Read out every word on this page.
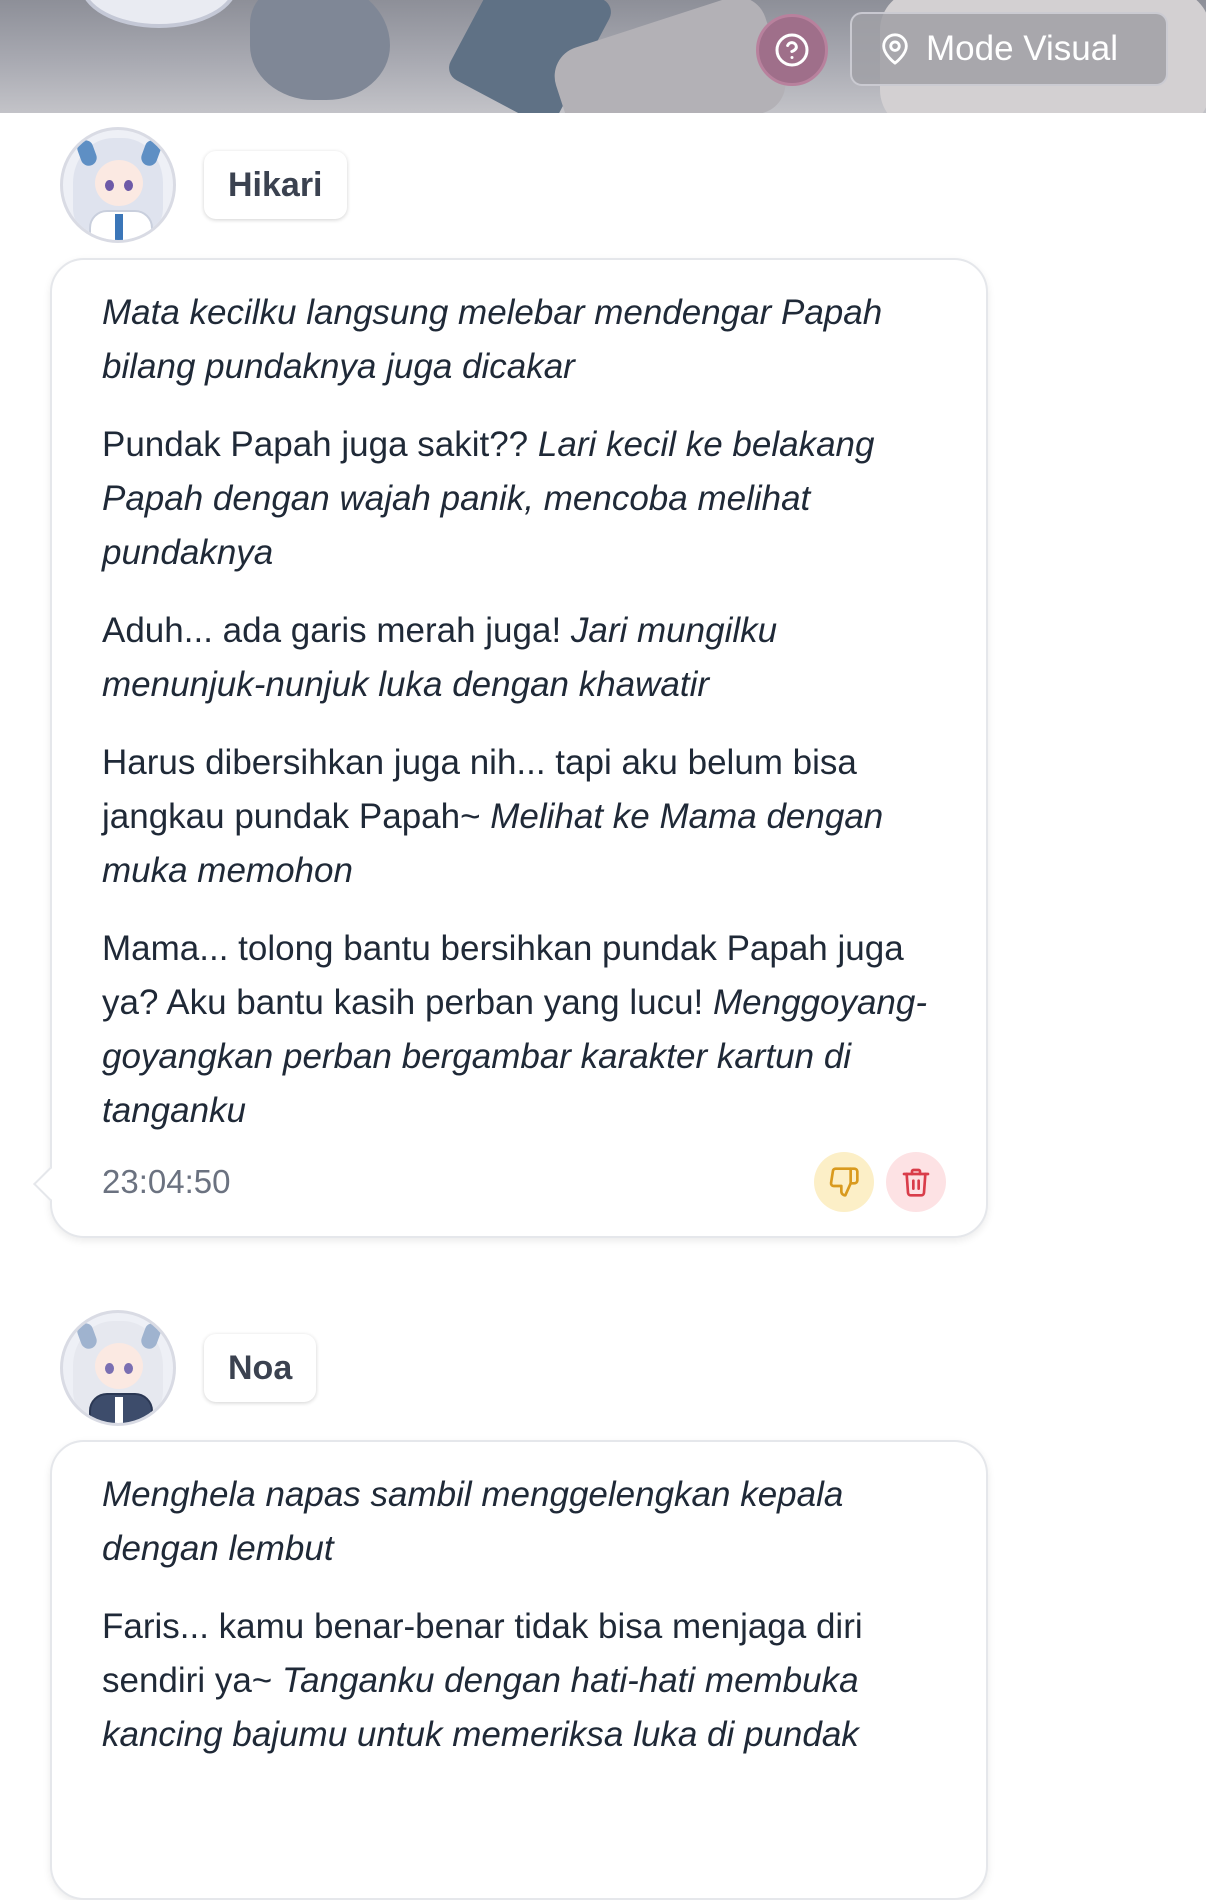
Mode Visual
Hikari

Mata kecilku langsung melebar mendengar Papah bilang pundaknya juga dicakar

Pundak Papah juga sakit?? Lari kecil ke belakang Papah dengan wajah panik, mencoba melihat pundaknya

Aduh... ada garis merah juga! Jari mungilku menunjuk-nunjuk luka dengan khawatir

Harus dibersihkan juga nih... tapi aku belum bisa jangkau pundak Papah~ Melihat ke Mama dengan muka memohon

Mama... tolong bantu bersihkan pundak Papah juga ya? Aku bantu kasih perban yang lucu! Menggoyang-goyangkan perban bergambar karakter kartun di tanganku

23:04:50
Noa

Menghela napas sambil menggelengkan kepala dengan lembut

Faris... kamu benar-benar tidak bisa menjaga diri sendiri ya~ Tanganku dengan hati-hati membuka kancing bajumu untuk memeriksa luka di pundak
